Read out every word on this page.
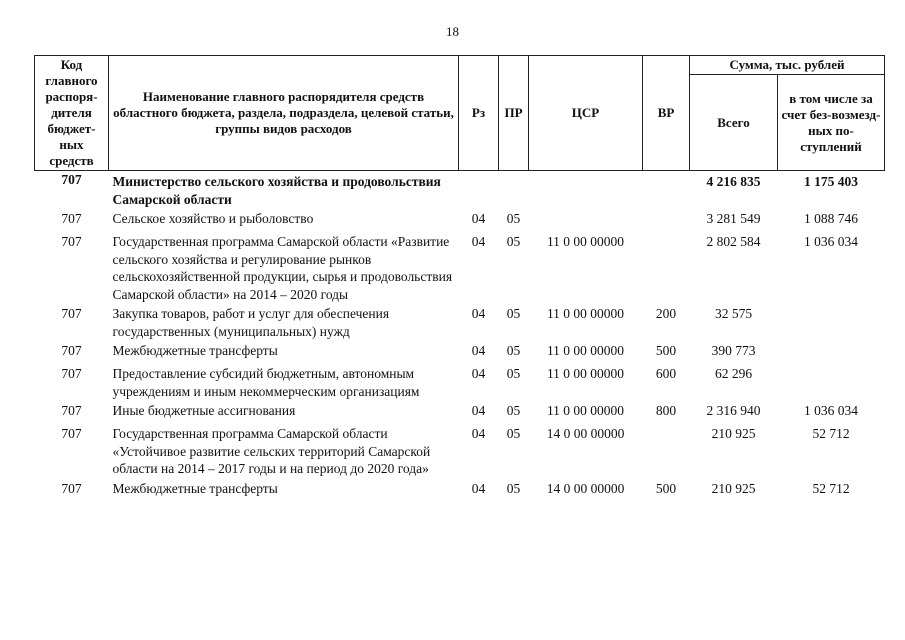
18
Код главного распоря-дителя бюджет-ных средств	Наименование главного распорядителя средств областного бюджета, раздела, подраздела, целевой статьи, группы видов расходов	Рз	ПР	ЦСР	ВР	Сумма, тыс. рублей	
						Всего	в том числе за счет без-возмезд-ных по-ступлений
707	Министерство сельского хозяйства и продовольствия Самарской области					4 216 835	1 175 403
707	Сельское хозяйство и рыболовство	04	05			3 281 549	1 088 746
707	Государственная программа Самарской области «Развитие сельского хозяйства и регулирование рынков сельскохозяйственной продукции, сырья и продовольствия Самарской области» на 2014 – 2020 годы	04	05	11 0 00 00000		2 802 584	1 036 034
707	Закупка товаров, работ и услуг для обеспечения государственных (муниципальных) нужд	04	05	11 0 00 00000	200	32 575	
707	Межбюджетные трансферты	04	05	11 0 00 00000	500	390 773	
707	Предоставление субсидий бюджетным, автономным учреждениям и иным некоммерческим организациям	04	05	11 0 00 00000	600	62 296	
707	Иные бюджетные ассигнования	04	05	11 0 00 00000	800	2 316 940	1 036 034
707	Государственная программа Самарской области «Устойчивое развитие сельских территорий Самарской области на 2014 – 2017 годы и на период до 2020 года»	04	05	14 0 00 00000		210 925	52 712
707	Межбюджетные трансферты	04	05	14 0 00 00000	500	210 925	52 712
